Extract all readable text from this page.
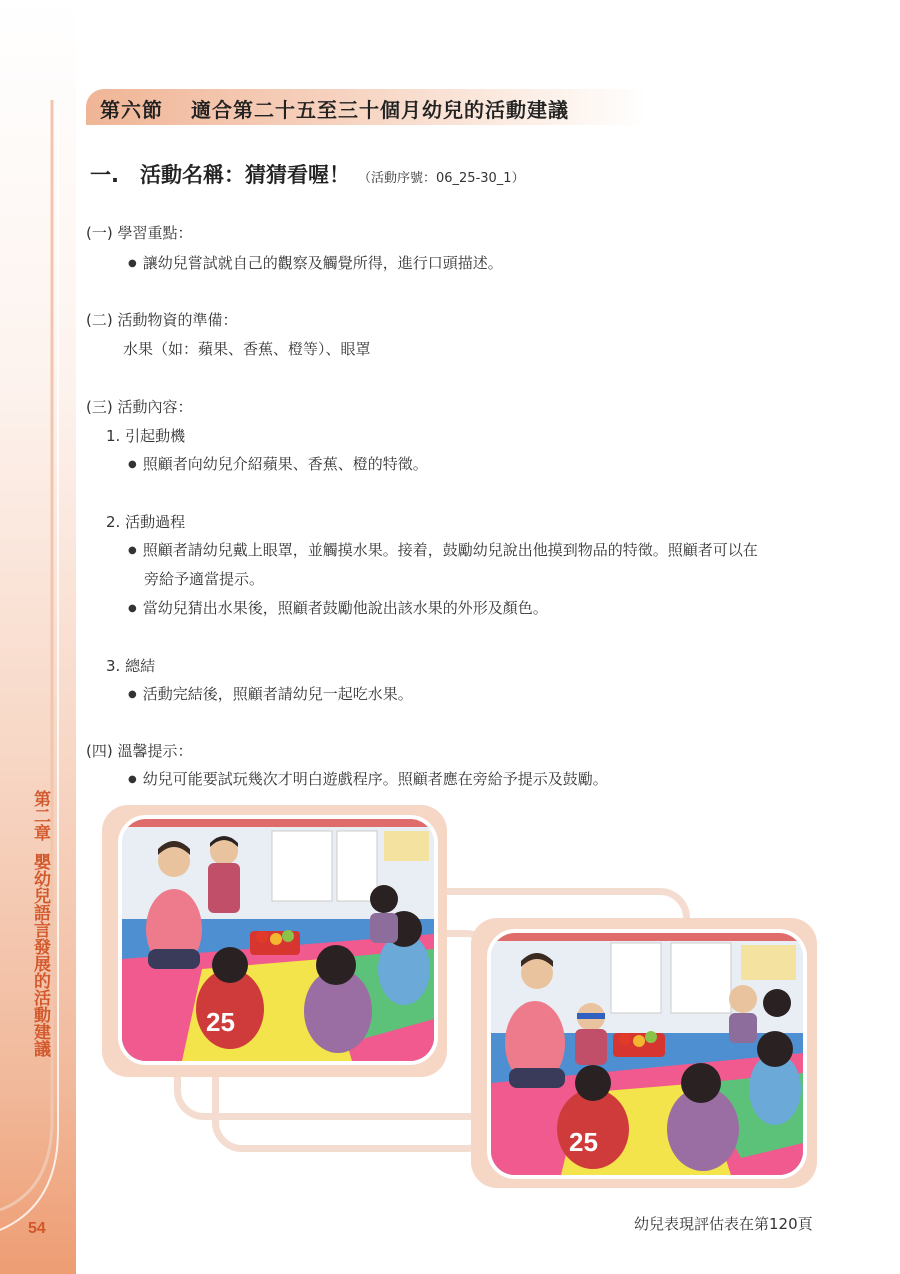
第二章
嬰幼兒語言發展的活動建議
54
第六節 適合第二十五至三十個月幼兒的活動建議
一.　活動名稱：猜猜看喔！ （活動序號：06_25-30_1）
(一) 學習重點：
● 讓幼兒嘗試就自己的觀察及觸覺所得，進行口頭描述。
(二) 活動物資的準備：
水果（如：蘋果、香蕉、橙等）、眼罩
(三) 活動內容：
1. 引起動機
● 照顧者向幼兒介紹蘋果、香蕉、橙的特徵。
2. 活動過程
● 照顧者請幼兒戴上眼罩，並觸摸水果。接着，鼓勵幼兒說出他摸到物品的特徵。照顧者可以在
旁給予適當提示。
● 當幼兒猜出水果後，照顧者鼓勵他說出該水果的外形及顏色。
3. 總結
● 活動完結後，照顧者請幼兒一起吃水果。
(四) 溫馨提示：
● 幼兒可能要試玩幾次才明白遊戲程序。照顧者應在旁給予提示及鼓勵。
25
25
幼兒表現評估表在第120頁
